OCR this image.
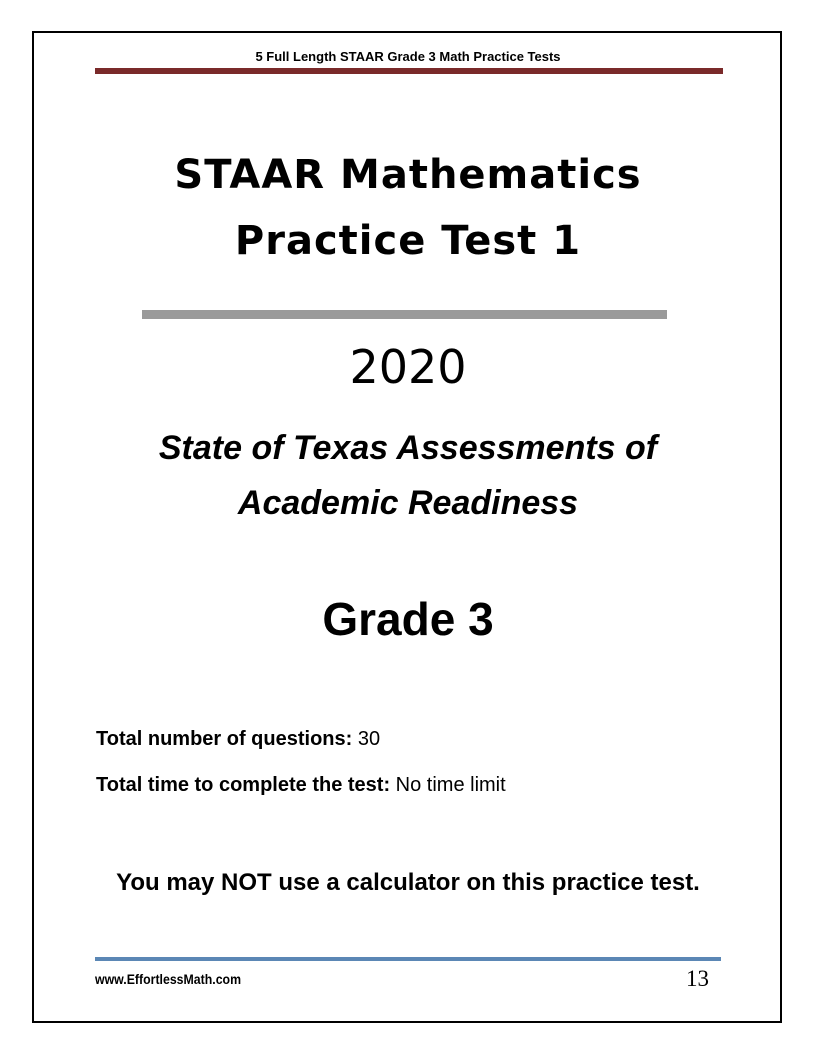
5 Full Length STAAR Grade 3 Math Practice Tests
STAAR Mathematics
Practice Test 1
2020
State of Texas Assessments of
Academic Readiness
Grade 3
Total number of questions: 30
Total time to complete the test: No time limit
You may NOT use a calculator on this practice test.
www.EffortlessMath.com	13
